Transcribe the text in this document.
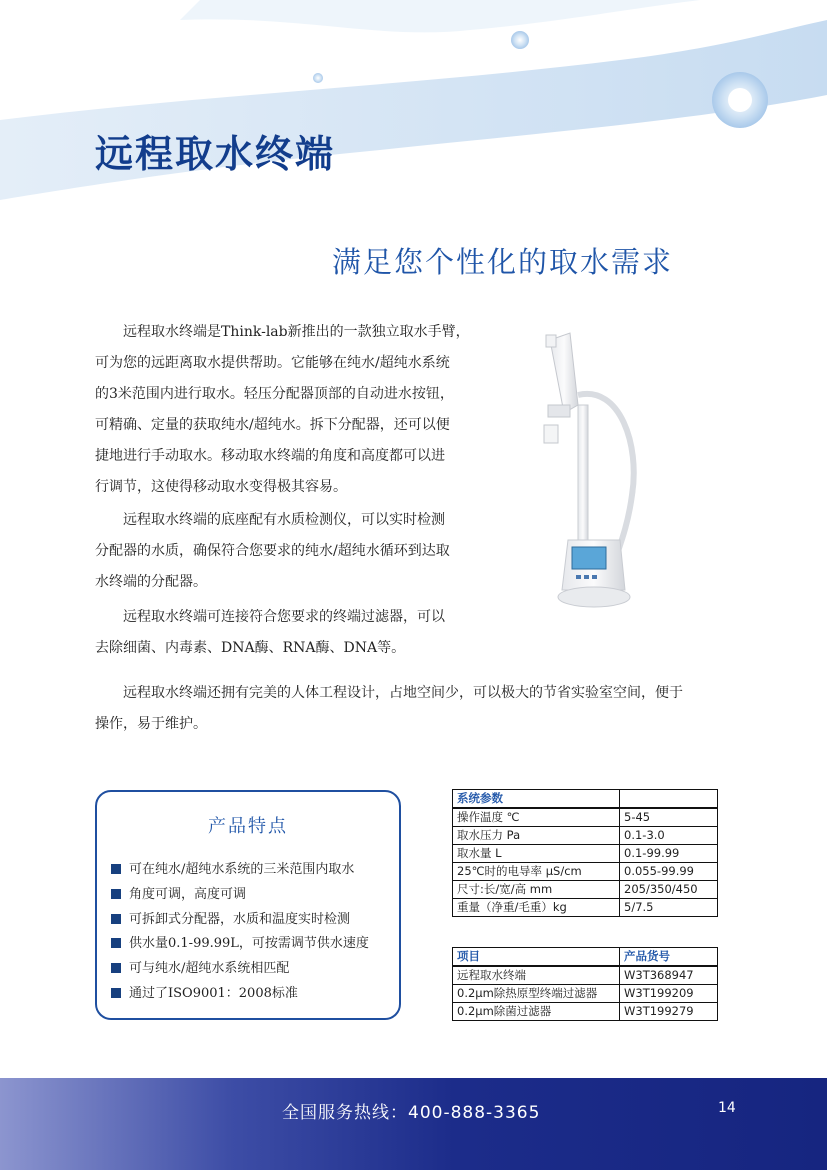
远程取水终端
满足您个性化的取水需求
远程取水终端是Think-lab新推出的一款独立取水手臂，
可为您的远距离取水提供帮助。它能够在纯水/超纯水系统
的3米范围内进行取水。轻压分配器顶部的自动进水按钮，
可精确、定量的获取纯水/超纯水。拆下分配器，还可以便
捷地进行手动取水。移动取水终端的角度和高度都可以进
行调节，这使得移动取水变得极其容易。
远程取水终端的底座配有水质检测仪，可以实时检测
分配器的水质，确保符合您要求的纯水/超纯水循环到达取
水终端的分配器。
远程取水终端可连接符合您要求的终端过滤器，可以
去除细菌、内毒素、DNA酶、RNA酶、DNA等。
远程取水终端还拥有完美的人体工程设计，占地空间少，可以极大的节省实验室空间，便于
操作，易于维护。
产品特点
可在纯水/超纯水系统的三米范围内取水
角度可调，高度可调
可拆卸式分配器，水质和温度实时检测
供水量0.1-99.99L，可按需调节供水速度
可与纯水/超纯水系统相匹配
通过了ISO9001：2008标准
系统参数	
操作温度 ℃	5-45
取水压力 Pa	0.1-3.0
取水量 L	0.1-99.99
25℃时的电导率 μS/cm	0.055-99.99
尺寸:长/宽/高 mm	205/350/450
重量（净重/毛重）kg	5/7.5
项目	产品货号
远程取水终端	W3T368947
0.2μm除热原型终端过滤器	W3T199209
0.2μm除菌过滤器	W3T199279
全国服务热线：400-888-3365	14
